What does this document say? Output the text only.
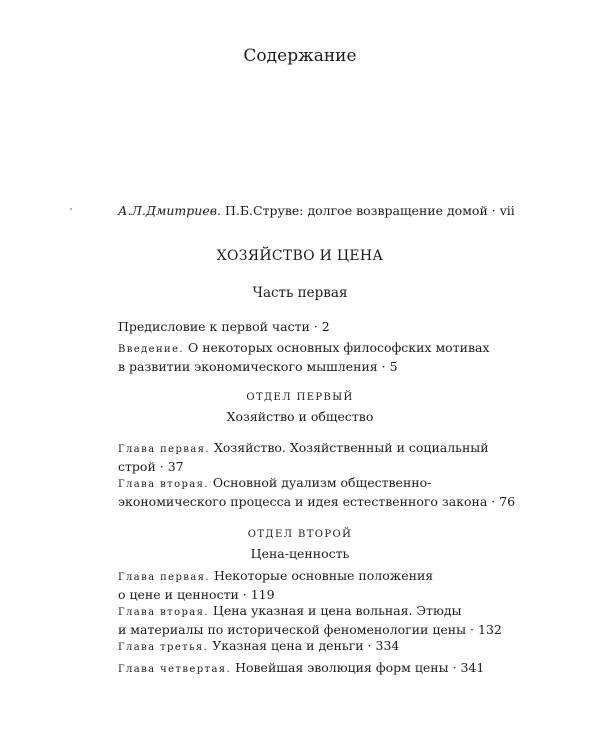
Содержание
А.Л.Дмитриев. П.Б.Струве: долгое возвращение домой · vii
ХОЗЯЙСТВО И ЦЕНА
Часть первая
Предисловие к первой части · 2
Введение. О некоторых основных философских мотивах
в развитии экономического мышления · 5
ОТДЕЛ ПЕРВЫЙ
Хозяйство и общество
Глава первая. Хозяйство. Хозяйственный и социальный
строй · 37
Глава вторая. Основной дуализм общественно-
экономического процесса и идея естественного закона · 76
ОТДЕЛ ВТОРОЙ
Цена-ценность
Глава первая. Некоторые основные положения
о цене и ценности · 119
Глава вторая. Цена указная и цена вольная. Этюды
и материалы по исторической феноменологии цены · 132
Глава третья. Указная цена и деньги · 334
Глава четвертая. Новейшая эволюция форм цены · 341
